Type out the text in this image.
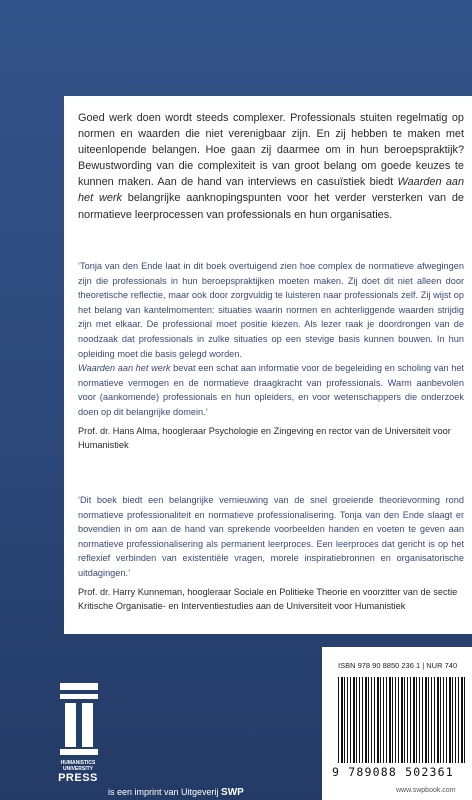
Goed werk doen wordt steeds complexer. Professionals stuiten regelmatig op normen en waarden die niet verenigbaar zijn. En zij hebben te maken met uiteenlopende belangen. Hoe gaan zij daarmee om in hun beroepspraktijk? Bewustwording van die complexiteit is van groot belang om goede keuzes te kunnen maken. Aan de hand van interviews en casuïstiek biedt Waarden aan het werk belangrijke aanknopingspunten voor het verder versterken van de normatieve leerprocessen van professionals en hun organisaties.

‘Tonja van den Ende laat in dit boek overtuigend zien hoe complex de normatieve afwegingen zijn die professionals in hun beroepspraktijken moeten maken. Zij doet dit niet alleen door theoretische reflectie, maar ook door zorgvuldig te luisteren naar professionals zelf. Zij wijst op het belang van kantelmomenten: situaties waarin normen en achterliggende waarden strijdig zijn met elkaar. De professional moet positie kiezen. Als lezer raak je doordrongen van de noodzaak dat professionals in zulke situaties op een stevige basis kunnen bouwen. In hun opleiding moet die basis gelegd worden.

Waarden aan het werk bevat een schat aan informatie voor de begeleiding en scholing van het normatieve vermogen en de normatieve draagkracht van professionals. Warm aanbevolen voor (aankomende) professionals en hun opleiders, en voor wetenschappers die onderzoek doen op dit belangrijke domein.’

Prof. dr. Hans Alma, hoogleraar Psychologie en Zingeving en rector van de Universiteit voor Humanistiek

‘Dit boek biedt een belangrijke vernieuwing van de snel groeiende theorievorming rond normatieve professionaliteit en normatieve professionalisering. Tonja van den Ende slaagt er bovendien in om aan de hand van sprekende voorbeelden handen en voeten te geven aan normatieve professionalisering als permanent leerproces. Een leerproces dat gericht is op het reflexief verbinden van existentiële vragen, morele inspiratiebronnen en organisatorische uitdagingen.’

Prof. dr. Harry Kunneman, hoogleraar Sociale en Politieke Theorie en voorzitter van de sectie Kritische Organisatie- en Interventiestudies aan de Universiteit voor Humanistiek

ISBN 978 90 8850 236 1 | NUR 740
9 789088 502361
www.swpbook.com
HUMANISTICS
UNIVERSITY
PRESS
is een imprint van Uitgeverij SWP
